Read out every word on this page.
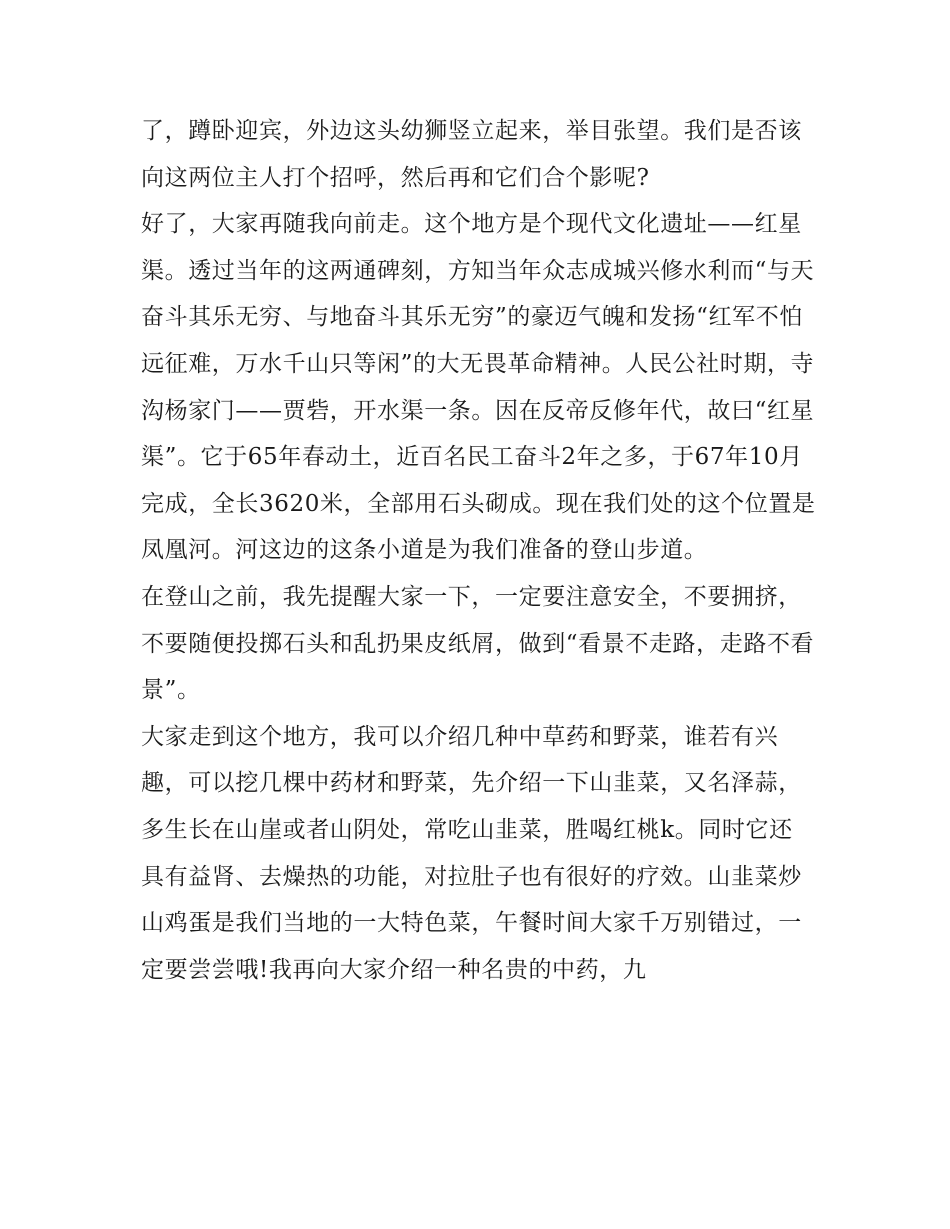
了，蹲卧迎宾，外边这头幼狮竖立起来，举目张望。我们是否该向这两位主人打个招呼，然后再和它们合个影呢?

好了，大家再随我向前走。这个地方是个现代文化遗址——红星渠。透过当年的这两通碑刻，方知当年众志成城兴修水利而“与天奋斗其乐无穷、与地奋斗其乐无穷”的豪迈气魄和发扬“红军不怕远征难，万水千山只等闲”的大无畏革命精神。人民公社时期，寺沟杨家门——贾砦，开水渠一条。因在反帝反修年代，故曰“红星渠”。它于65年春动土，近百名民工奋斗2年之多，于67年10月完成，全长3620米，全部用石头砌成。现在我们处的这个位置是凤凰河。河这边的这条小道是为我们准备的登山步道。

在登山之前，我先提醒大家一下，一定要注意安全，不要拥挤，不要随便投掷石头和乱扔果皮纸屑，做到“看景不走路，走路不看景”。

大家走到这个地方，我可以介绍几种中草药和野菜，谁若有兴趣，可以挖几棵中药材和野菜，先介绍一下山韭菜，又名泽蒜，多生长在山崖或者山阴处，常吃山韭菜，胜喝红桃k。同时它还具有益肾、去燥热的功能，对拉肚子也有很好的疗效。山韭菜炒山鸡蛋是我们当地的一大特色菜，午餐时间大家千万别错过，一定要尝尝哦!我再向大家介绍一种名贵的中药，九
